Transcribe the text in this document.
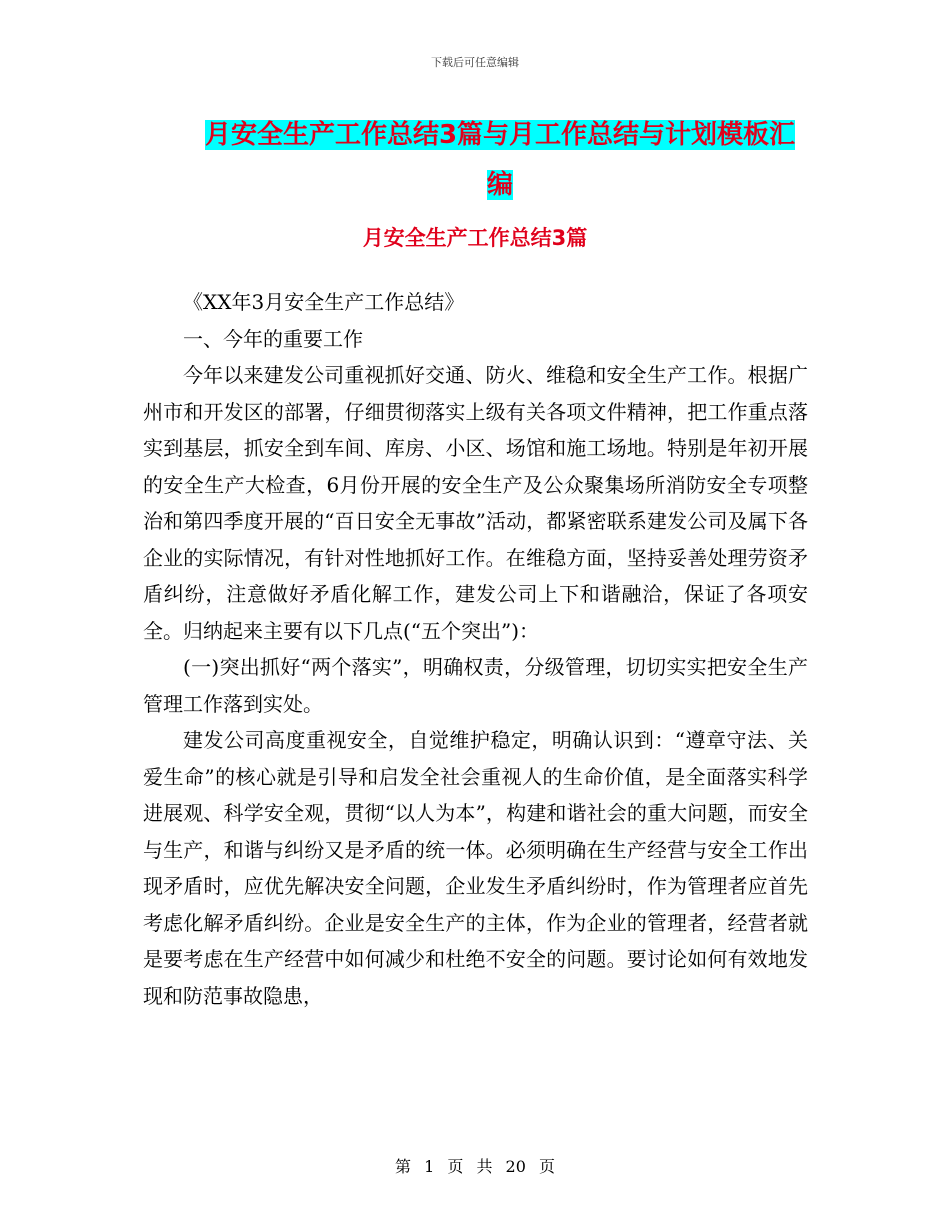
下载后可任意编辑
月安全生产工作总结3篇与月工作总结与计划模板汇编
月安全生产工作总结3篇

《XX年3月安全生产工作总结》

一、今年的重要工作

今年以来建发公司重视抓好交通、防火、维稳和安全生产工作。根据广州市和开发区的部署，仔细贯彻落实上级有关各项文件精神，把工作重点落实到基层，抓安全到车间、库房、小区、场馆和施工场地。特别是年初开展的安全生产大检查，6月份开展的安全生产及公众聚集场所消防安全专项整治和第四季度开展的“百日安全无事故”活动，都紧密联系建发公司及属下各企业的实际情况，有针对性地抓好工作。在维稳方面，坚持妥善处理劳资矛盾纠纷，注意做好矛盾化解工作，建发公司上下和谐融洽，保证了各项安全。归纳起来主要有以下几点(“五个突出”)：

(一)突出抓好“两个落实”，明确权责，分级管理，切切实实把安全生产管理工作落到实处。

建发公司高度重视安全，自觉维护稳定，明确认识到：“遵章守法、关爱生命”的核心就是引导和启发全社会重视人的生命价值，是全面落实科学进展观、科学安全观，贯彻“以人为本”，构建和谐社会的重大问题，而安全与生产，和谐与纠纷又是矛盾的统一体。必须明确在生产经营与安全工作出现矛盾时，应优先解决安全问题，企业发生矛盾纠纷时，作为管理者应首先考虑化解矛盾纠纷。企业是安全生产的主体，作为企业的管理者，经营者就是要考虑在生产经营中如何减少和杜绝不安全的问题。要讨论如何有效地发现和防范事故隐患，

第 1 页 共 20 页
